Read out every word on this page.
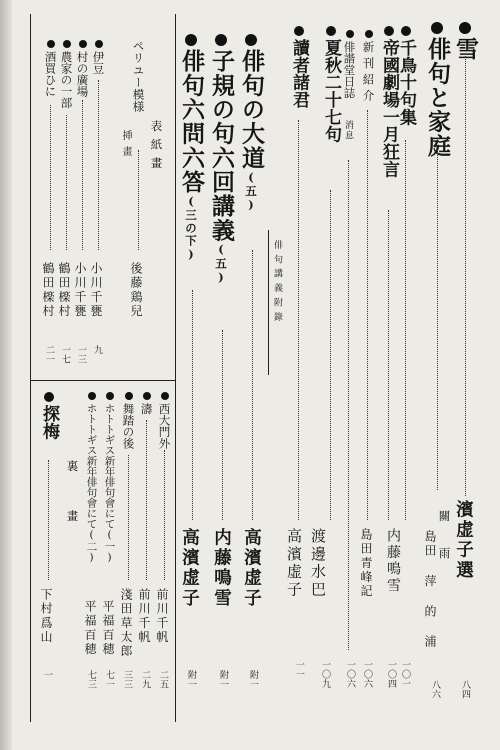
雪
濱虚子選
八四
俳句と家庭
關 雨
島田 萍 的 浦
八六
千鳥十句集
帝國劇場一月狂言
内藤鳴雪
一〇一
一〇四
新刊紹介
島田青峰記
一〇六
俳諧堂日誌
消息
一〇六
夏秋二十七句
渡邊水巴
一〇九
讀者諸君
高濱虚子
一一
俳句講義附錄
俳句の大道(五)
高濱虚子
附一
子規の句六回講義(五)
内藤鳴雪
附一
俳句六問六答(三の下)
高濱虚子
附一
表紙畫
ペリユー模様
挿畫
後藤鶏兒
伊豆
小川千甕
九
村の廣場
小川千甕
一三
農家の一部
鶴田檪村
一七
酒買ひに
鶴田檪村
二一
西大門外
前川千帆
二五
濤
前川千帆
二九
舞踏の後
淺田草太郎
三三
ホトトギス新年俳句會にて(一)
平福百穂
七一
ホトトギス新年俳句會にて(二)
平福百穂
七三
裏
畫
探梅
下村爲山
一
